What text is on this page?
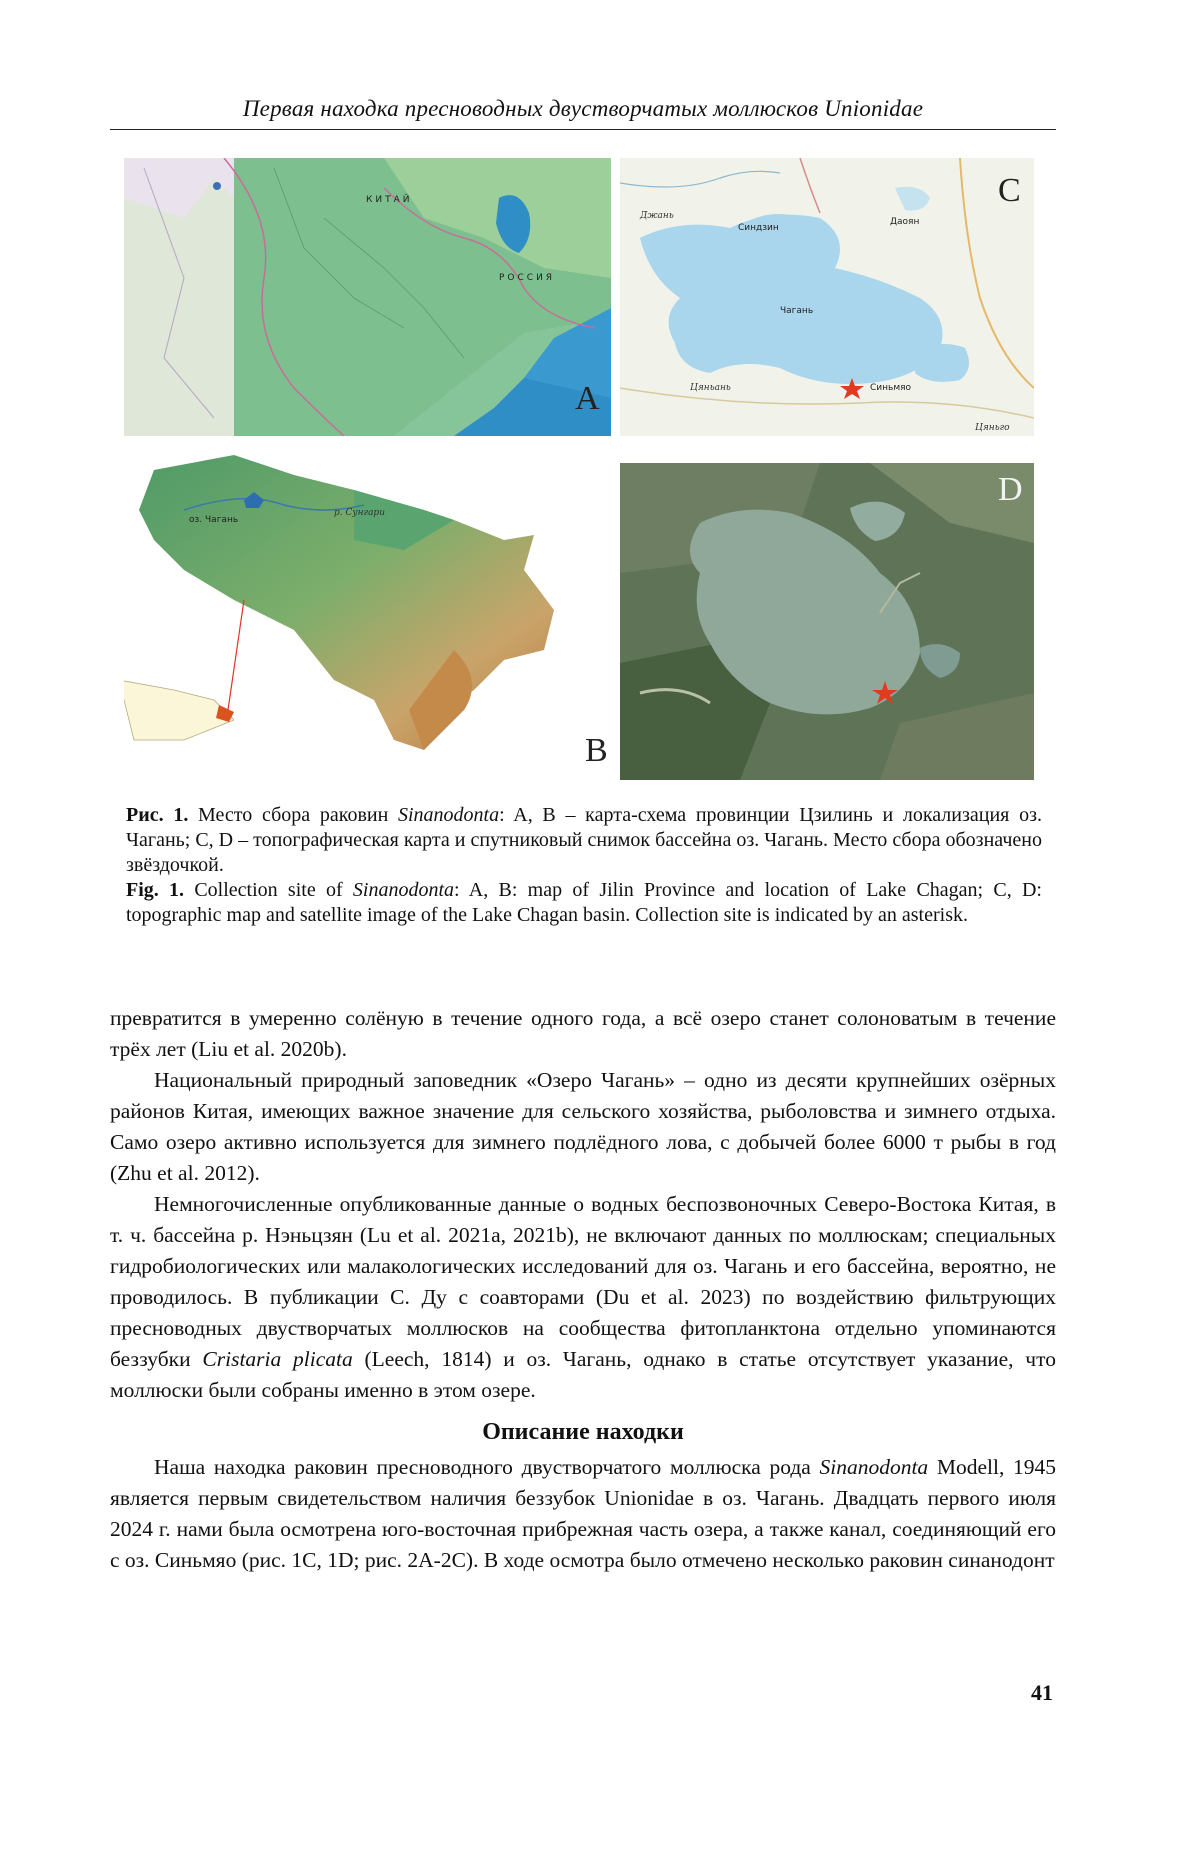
Первая находка пресноводных двустворчатых моллюсков Unionidae
КИТАЙ
РОССИЯ
A
Джань
Синдзин
Даоян
Чагань
Синьмяо
Цяньань
Цяньго
C
оз. Чагань
р. Сунгари
B
D

Рис. 1. Место сбора раковин Sinanodonta: A, B – карта-схема провинции Цзилинь и локализация оз. Чагань; C, D – топографическая карта и спутниковый снимок бассейна оз. Чагань. Место сбора обозначено звёздочкой.

Fig. 1. Collection site of Sinanodonta: A, B: map of Jilin Province and location of Lake Chagan; C, D: topographic map and satellite image of the Lake Chagan basin. Collection site is indicated by an asterisk.

превратится в умеренно солёную в течение одного года, а всё озеро станет солоноватым в течение трёх лет (Liu et al. 2020b).

Национальный природный заповедник «Озеро Чагань» – одно из десяти крупнейших озёрных районов Китая, имеющих важное значение для сельского хозяйства, рыболовства и зимнего отдыха. Само озеро активно используется для зимнего подлёдного лова, с добычей более 6000 т рыбы в год (Zhu et al. 2012).

Немногочисленные опубликованные данные о водных беспозвоночных Северо-Востока Китая, в т. ч. бассейна р. Нэньцзян (Lu et al. 2021a, 2021b), не включают данных по моллюскам; специальных гидробиологических или малакологических исследований для оз. Чагань и его бассейна, вероятно, не проводилось. В публикации С. Ду с соавторами (Du et al. 2023) по воздействию фильтрующих пресноводных двустворчатых моллюсков на сообщества фитопланктона отдельно упоминаются беззубки Cristaria plicata (Leech, 1814) и оз. Чагань, однако в статье отсутствует указание, что моллюски были собраны именно в этом озере.

Описание находки

Наша находка раковин пресноводного двустворчатого моллюска рода Sinanodonta Modell, 1945 является первым свидетельством наличия беззубок Unionidae в оз. Чагань. Двадцать первого июля 2024 г. нами была осмотрена юго-восточная прибрежная часть озера, а также канал, соединяющий его с оз. Синьмяо (рис. 1C, 1D; рис. 2A-2C). В ходе осмотра было отмечено несколько раковин синанодонт

41
